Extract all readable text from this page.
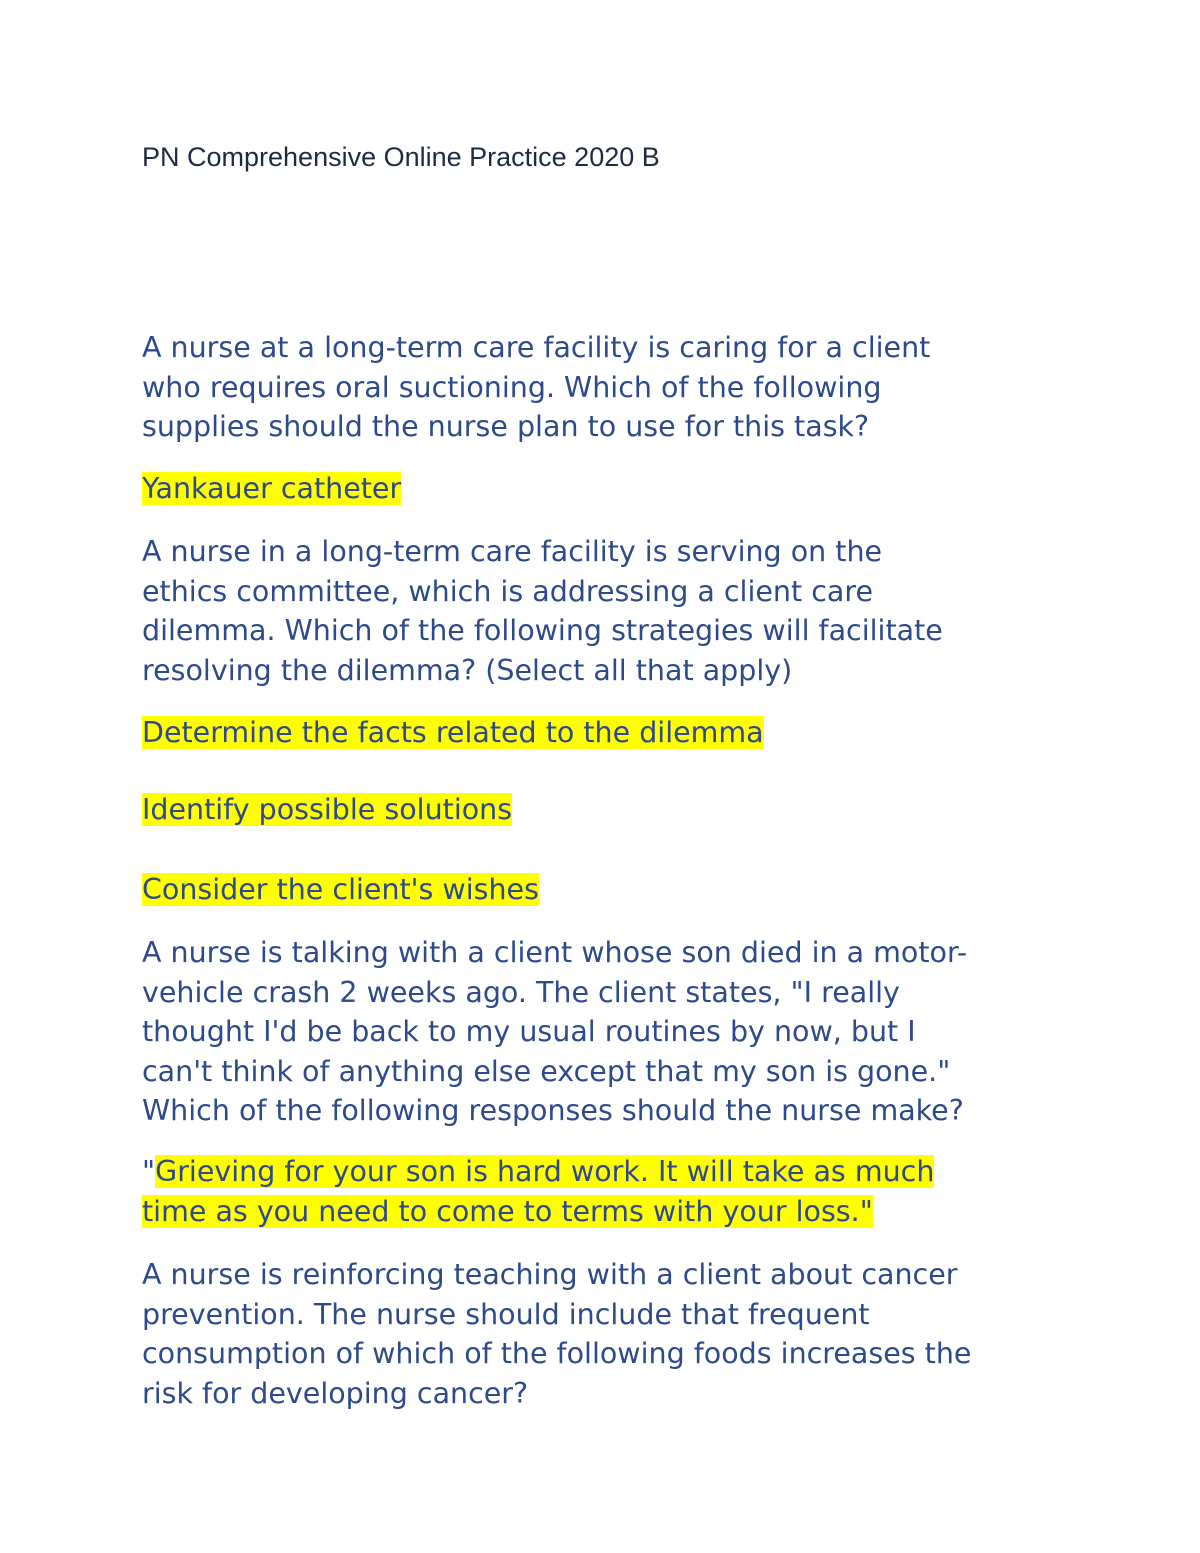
PN Comprehensive Online Practice 2020 B

A nurse at a long-term care facility is caring for a client
who requires oral suctioning. Which of the following
supplies should the nurse plan to use for this task?
Yankauer catheter
A nurse in a long-term care facility is serving on the
ethics committee, which is addressing a client care
dilemma. Which of the following strategies will facilitate
resolving the dilemma? (Select all that apply)
Determine the facts related to the dilemma
Identify possible solutions
Consider the client's wishes
A nurse is talking with a client whose son died in a motor-
vehicle crash 2 weeks ago. The client states, "I really
thought I'd be back to my usual routines by now, but I
can't think of anything else except that my son is gone."
Which of the following responses should the nurse make?
"Grieving for your son is hard work. It will take as much
time as you need to come to terms with your loss."
A nurse is reinforcing teaching with a client about cancer
prevention. The nurse should include that frequent
consumption of which of the following foods increases the
risk for developing cancer?
